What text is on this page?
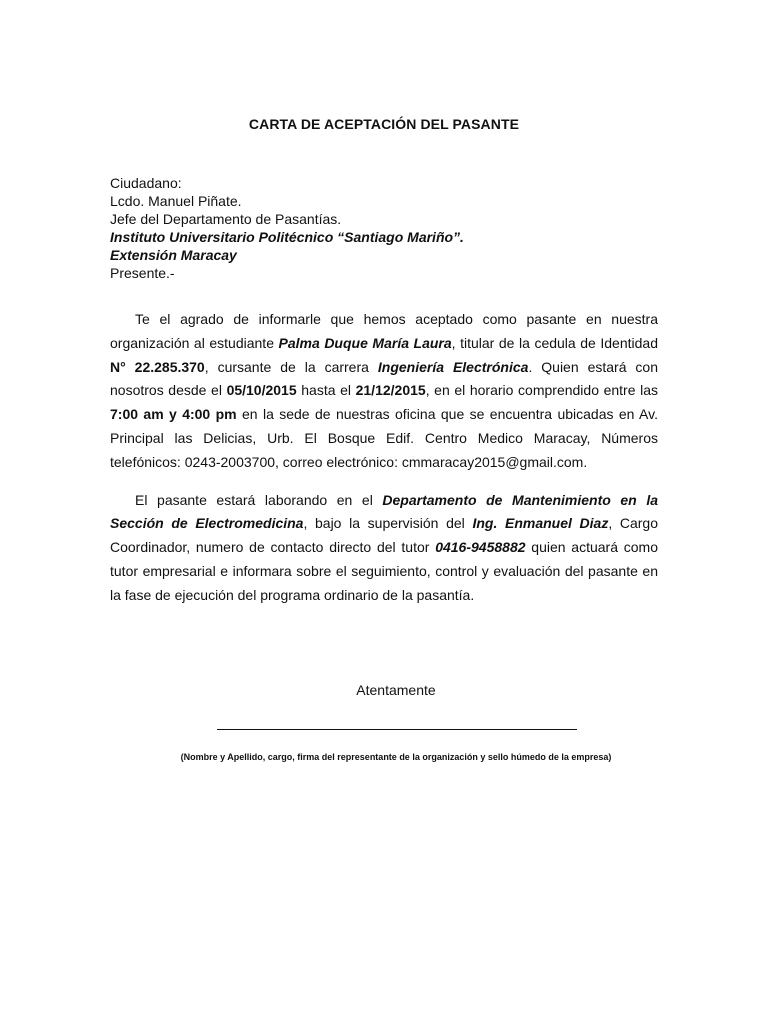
CARTA DE ACEPTACIÓN DEL PASANTE
Ciudadano:
Lcdo. Manuel Piñate.
Jefe del Departamento de Pasantías.
Instituto Universitario Politécnico “Santiago Mariño”.
Extensión Maracay
Presente.-

Te el agrado de informarle que hemos aceptado como pasante en nuestra organización al estudiante Palma Duque María Laura, titular de la cedula de Identidad N° 22.285.370, cursante de la carrera Ingeniería Electrónica. Quien estará con nosotros desde el 05/10/2015 hasta el 21/12/2015, en el horario comprendido entre las 7:00 am y 4:00 pm en la sede de nuestras oficina que se encuentra ubicadas en Av. Principal las Delicias, Urb. El Bosque Edif. Centro Medico Maracay, Números telefónicos: 0243-2003700, correo electrónico: cmmaracay2015@gmail.com.

El pasante estará laborando en el Departamento de Mantenimiento en la Sección de Electromedicina, bajo la supervisión del Ing. Enmanuel Diaz, Cargo Coordinador, numero de contacto directo del tutor 0416-9458882 quien actuará como tutor empresarial e informara sobre el seguimiento, control y evaluación del pasante en la fase de ejecución del programa ordinario de la pasantía.

Atentamente
(Nombre y Apellido, cargo, firma del representante de la organización y sello húmedo de la empresa)
